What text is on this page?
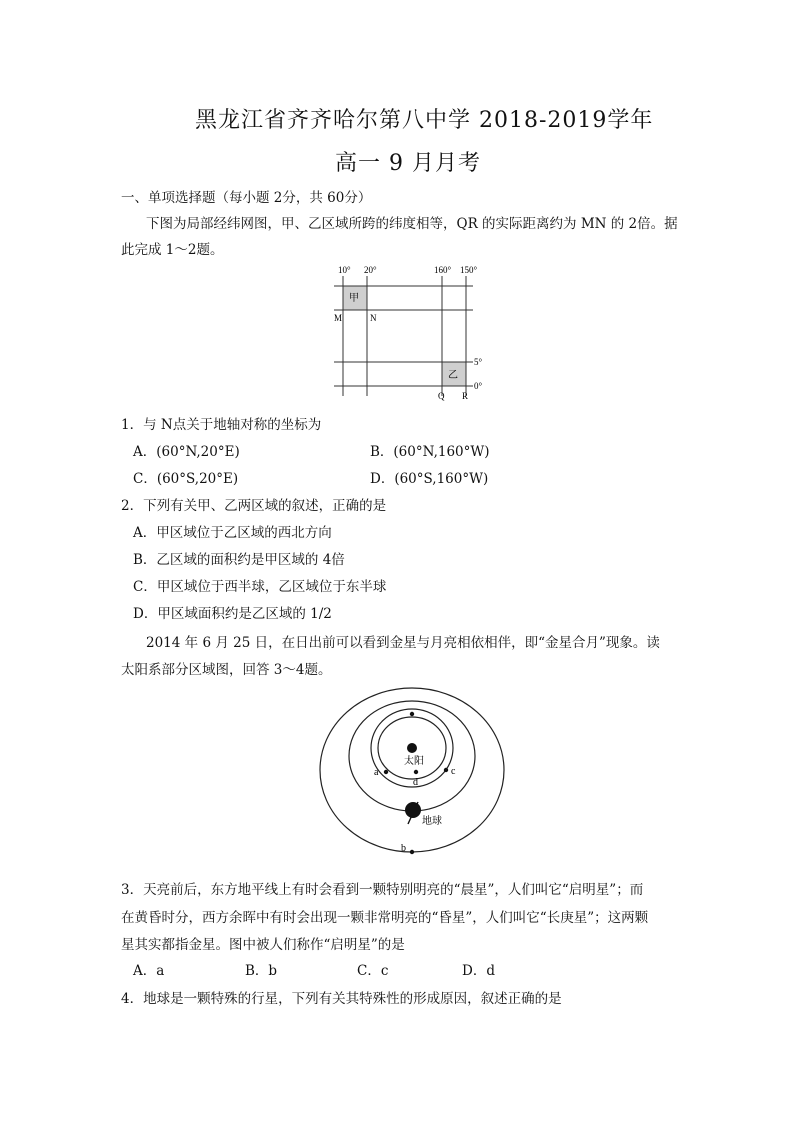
黑龙江省齐齐哈尔第八中学 2018-2019学年
高一 9 月月考
一、单项选择题（每小题 2分，共 60分）
下图为局部经纬网图，甲、乙区域所跨的纬度相等，QR 的实际距离约为 MN 的 2倍。据
此完成 1～2题。
10° 20°	160° 150°
甲
乙
M	N
5°
0°
Q R
1．与 N点关于地轴对称的坐标为
A．(60°N,20°E)	B．(60°N,160°W)
C．(60°S,20°E)	D．(60°S,160°W)
2．下列有关甲、乙两区域的叙述，正确的是
A．甲区域位于乙区域的西北方向
B．乙区域的面积约是甲区域的 4倍
C．甲区域位于西半球，乙区域位于东半球
D．甲区域面积约是乙区域的 1/2
2014 年 6 月 25 日，在日出前可以看到金星与月亮相依相伴，即“金星合月”现象。读
太阳系部分区域图，回答 3～4题。
太阳
a
b
c
d
地球
3．天亮前后，东方地平线上有时会看到一颗特别明亮的“晨星”，人们叫它“启明星”；而
在黄昏时分，西方余晖中有时会出现一颗非常明亮的“昏星”，人们叫它“长庚星”；这两颗
星其实都指金星。图中被人们称作“启明星”的是
A．a	B．b	C．c	D．d
4．地球是一颗特殊的行星，下列有关其特殊性的形成原因，叙述正确的是
